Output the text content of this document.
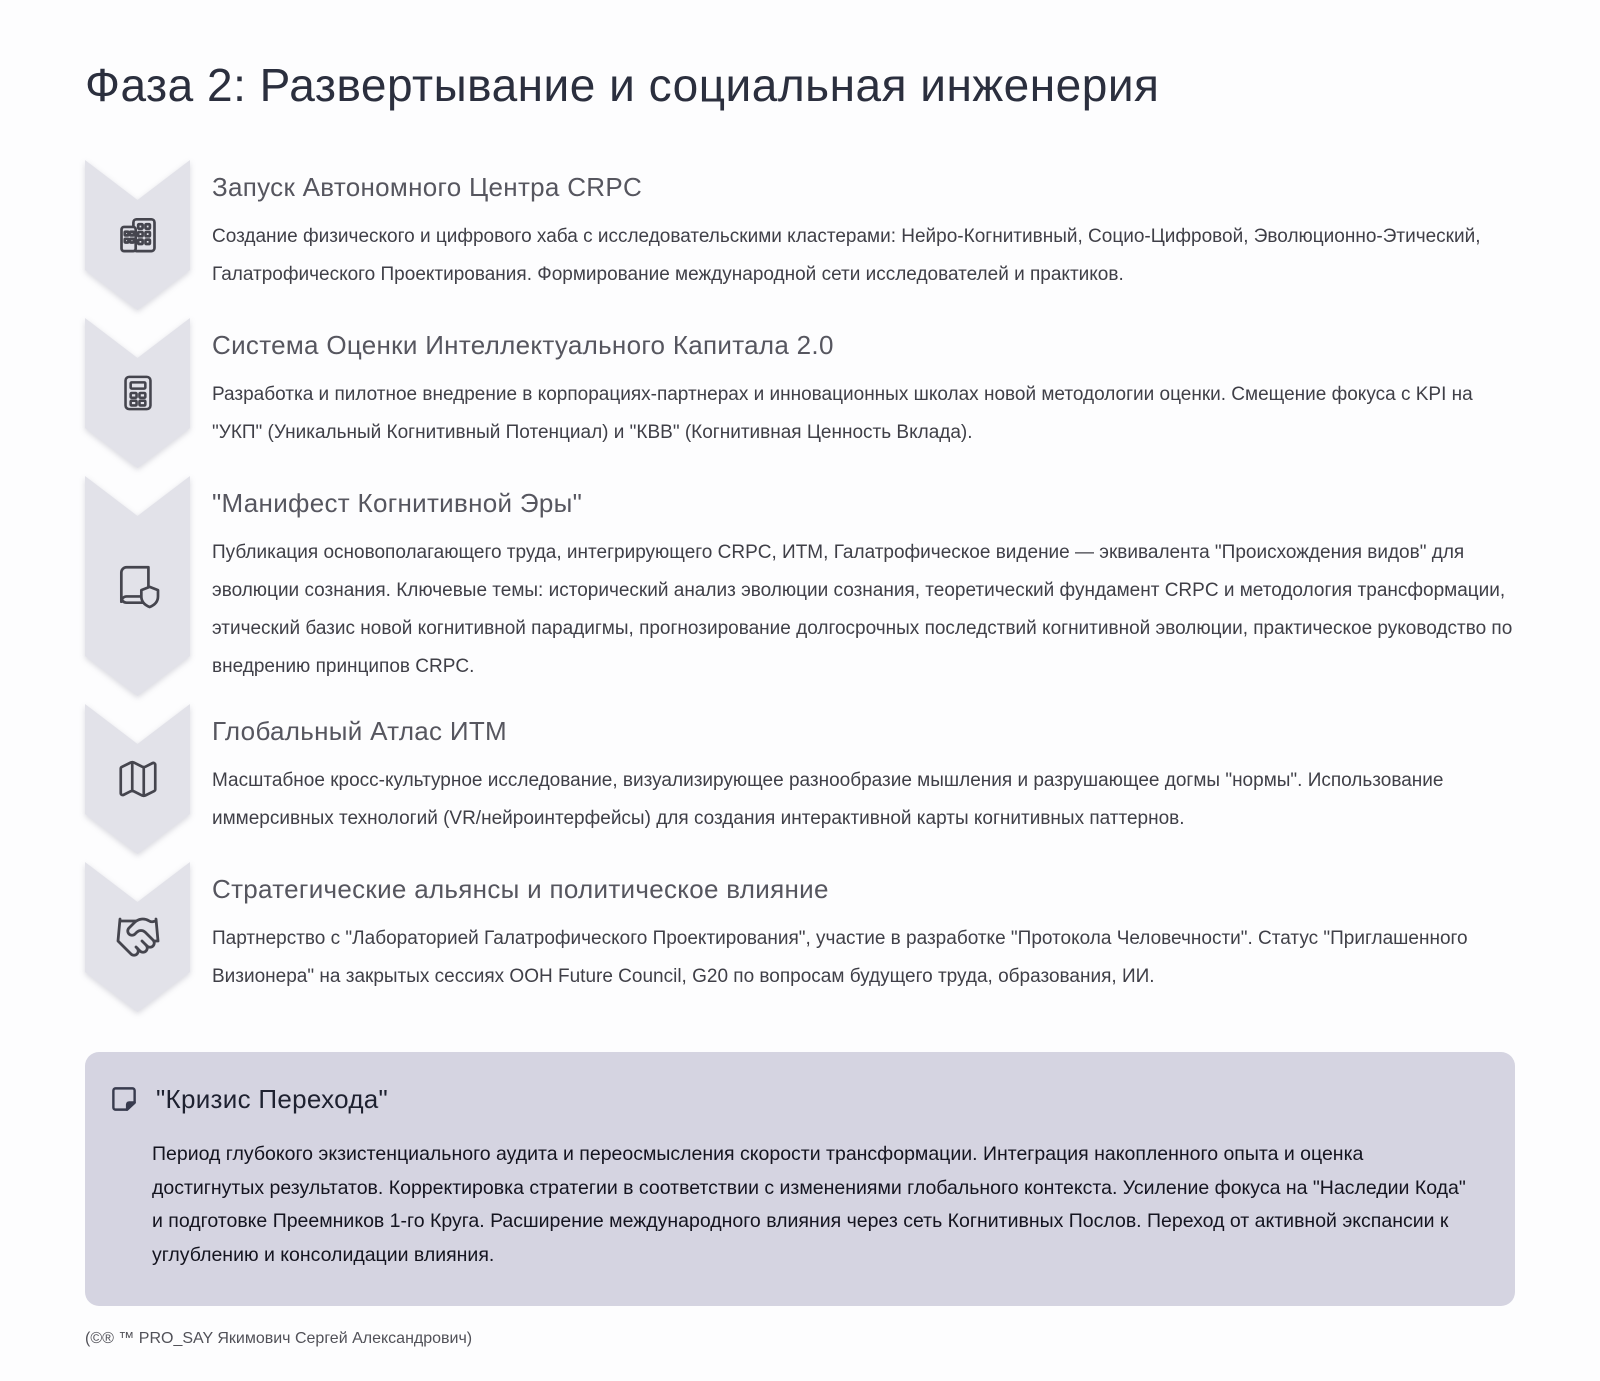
Фаза 2: Развертывание и социальная инженерия
Запуск Автономного Центра CRPC

Создание физического и цифрового хаба с исследовательскими кластерами: Нейро-Когнитивный, Социо-Цифровой, Эволюционно-Этический, Галатрофического Проектирования. Формирование международной сети исследователей и практиков.

Система Оценки Интеллектуального Капитала 2.0

Разработка и пилотное внедрение в корпорациях-партнерах и инновационных школах новой методологии оценки. Смещение фокуса с KPI на "УКП" (Уникальный Когнитивный Потенциал) и "КВВ" (Когнитивная Ценность Вклада).

"Манифест Когнитивной Эры"

Публикация основополагающего труда, интегрирующего CRPC, ИТМ, Галатрофическое видение — эквивалента "Происхождения видов" для эволюции сознания. Ключевые темы: исторический анализ эволюции сознания, теоретический фундамент CRPC и методология трансформации, этический базис новой когнитивной парадигмы, прогнозирование долгосрочных последствий когнитивной эволюции, практическое руководство по внедрению принципов CRPC.

Глобальный Атлас ИТМ

Масштабное кросс-культурное исследование, визуализирующее разнообразие мышления и разрушающее догмы "нормы". Использование иммерсивных технологий (VR/нейроинтерфейсы) для создания интерактивной карты когнитивных паттернов.

Стратегические альянсы и политическое влияние

Партнерство с "Лабораторией Галатрофического Проектирования", участие в разработке "Протокола Человечности". Статус "Приглашенного Визионера" на закрытых сессиях ООН Future Council, G20 по вопросам будущего труда, образования, ИИ.

"Кризис Перехода"

Период глубокого экзистенциального аудита и переосмысления скорости трансформации. Интеграция накопленного опыта и оценка достигнутых результатов. Корректировка стратегии в соответствии с изменениями глобального контекста. Усиление фокуса на "Наследии Кода" и подготовке Преемников 1-го Круга. Расширение международного влияния через сеть Когнитивных Послов. Переход от активной экспансии к углублению и консолидации влияния.

(©® ™ PRO_SAY Якимович Сергей Александрович)
